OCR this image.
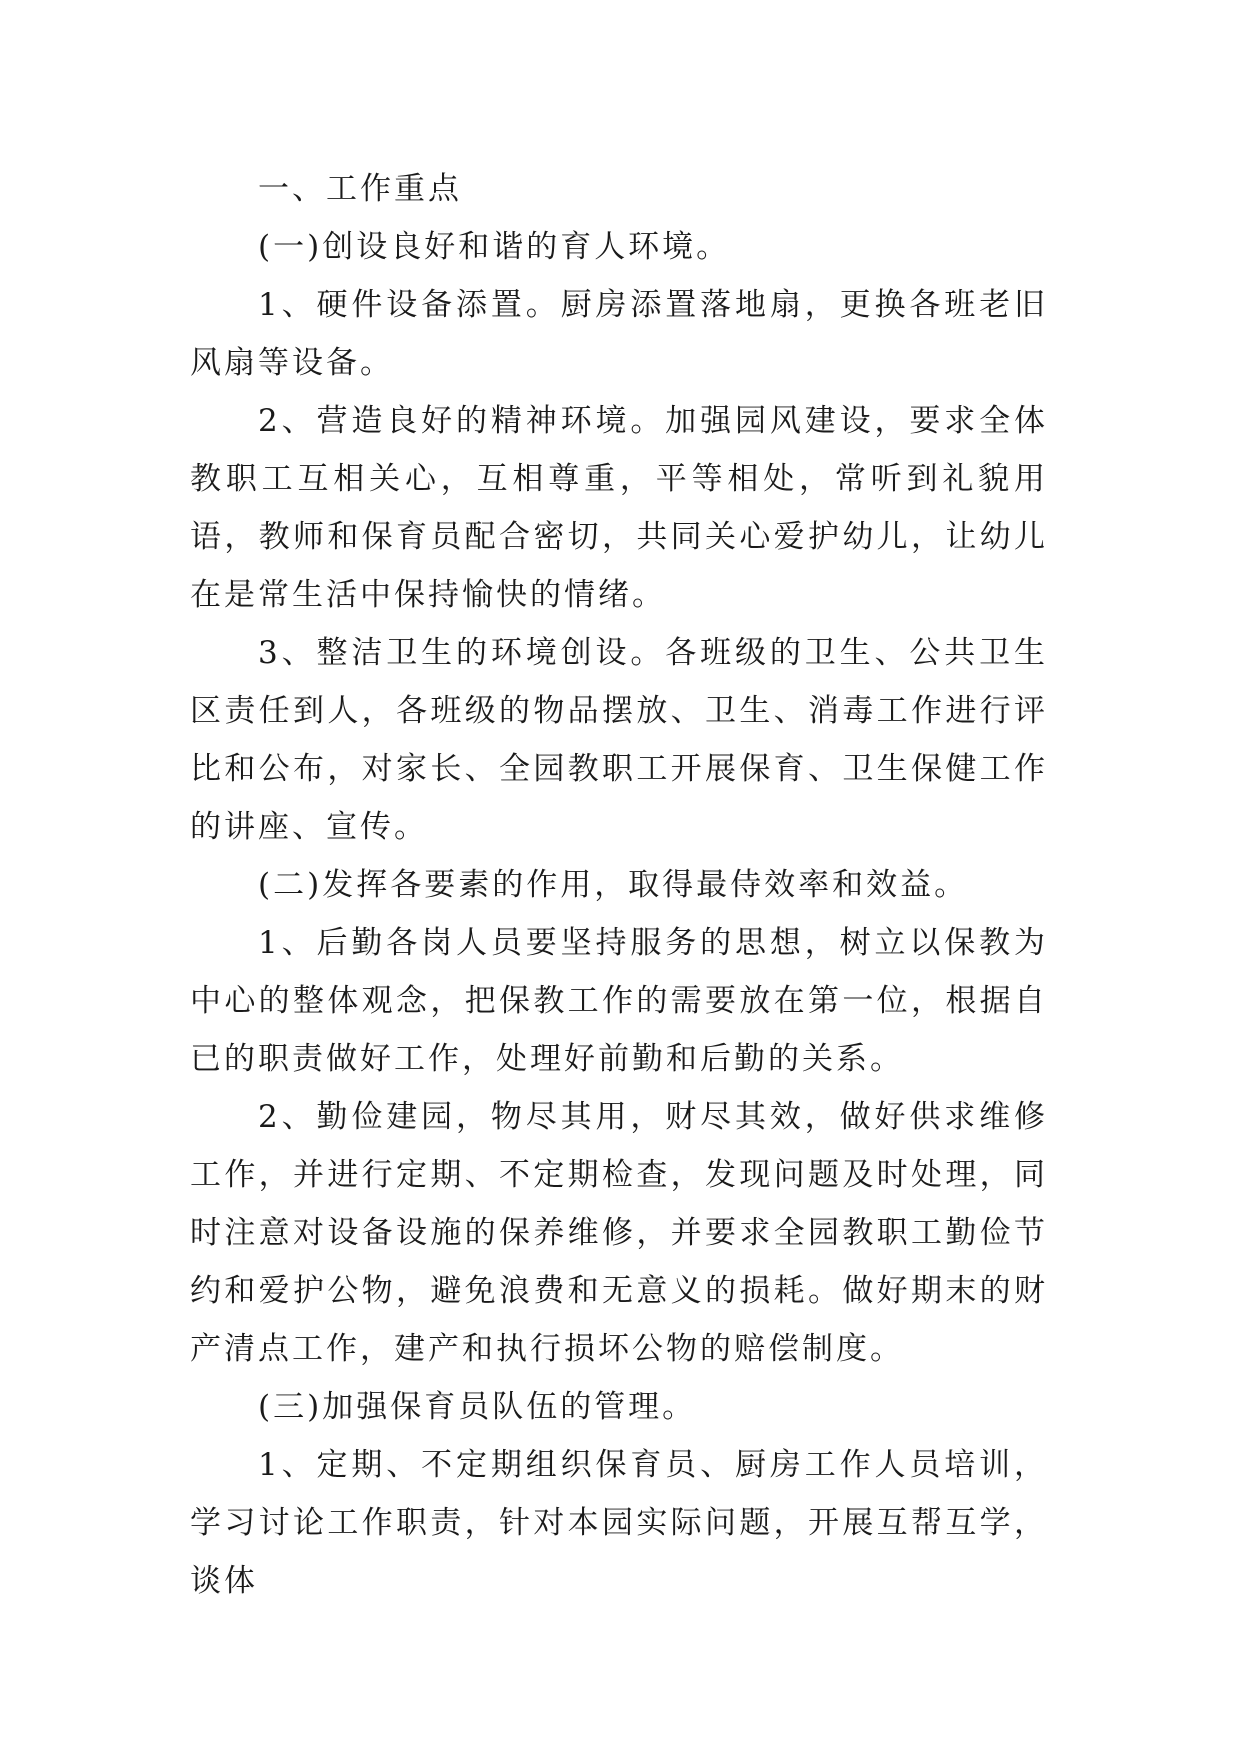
一、工作重点

(一)创设良好和谐的育人环境。

1、硬件设备添置。厨房添置落地扇，更换各班老旧风扇等设备。

2、营造良好的精神环境。加强园风建设，要求全体教职工互相关心，互相尊重，平等相处，常听到礼貌用语，教师和保育员配合密切，共同关心爱护幼儿，让幼儿在是常生活中保持愉快的情绪。

3、整洁卫生的环境创设。各班级的卫生、公共卫生区责任到人，各班级的物品摆放、卫生、消毒工作进行评比和公布，对家长、全园教职工开展保育、卫生保健工作的讲座、宣传。

(二)发挥各要素的作用，取得最侍效率和效益。

1、后勤各岗人员要坚持服务的思想，树立以保教为中心的整体观念，把保教工作的需要放在第一位，根据自已的职责做好工作，处理好前勤和后勤的关系。

2、勤俭建园，物尽其用，财尽其效，做好供求维修工作，并进行定期、不定期检查，发现问题及时处理，同时注意对设备设施的保养维修，并要求全园教职工勤俭节约和爱护公物，避免浪费和无意义的损耗。做好期末的财产清点工作，建产和执行损坏公物的赔偿制度。

(三)加强保育员队伍的管理。

1、定期、不定期组织保育员、厨房工作人员培训，学习讨论工作职责，针对本园实际问题，开展互帮互学，谈体
